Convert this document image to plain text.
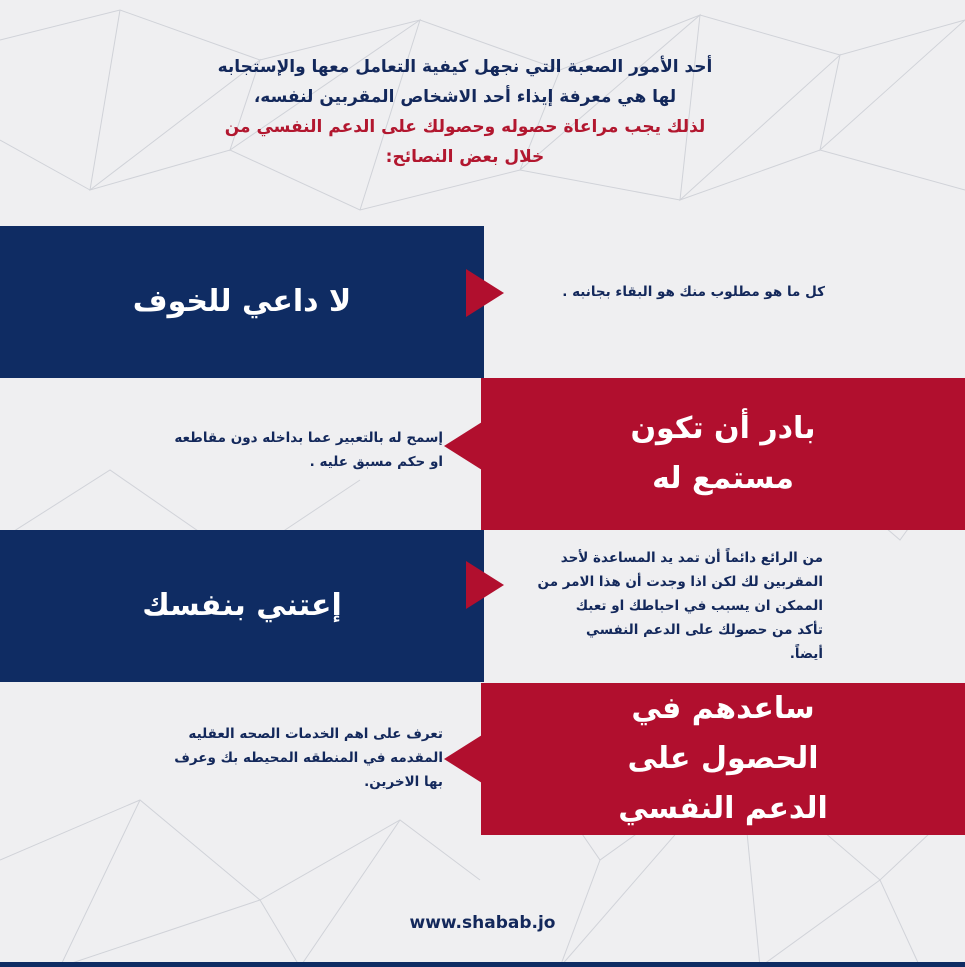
أحد الأمور الصعبة التي نجهل كيفية التعامل معها والإستجابه

لها هي معرفة إيذاء أحد الاشخاص المقربين لنفسه،

لذلك يجب مراعاة حصوله وحصولك على الدعم النفسي من

خلال بعض النصائح:

لا داعي للخوف	كل ما هو مطلوب منك هو البقاء بجانبه .
بادر أن تكون
مستمع له
إسمح له بالتعبير عما بداخله دون مقاطعه
او حكم مسبق عليه .
إعتني بنفسك
من الرائع دائماً أن تمد يد المساعدة لأحد
المقربين لك لكن اذا وجدت أن هذا الامر من
الممكن ان يسبب في احباطك او تعبك
تأكد من حصولك على الدعم النفسي
أيضاً.
ساعدهم في
الحصول على
الدعم النفسي
تعرف على اهم الخدمات الصحه العقليه
المقدمه في المنطقه المحيطه بك وعرف
بها الاخرين.
www.shabab.jo
